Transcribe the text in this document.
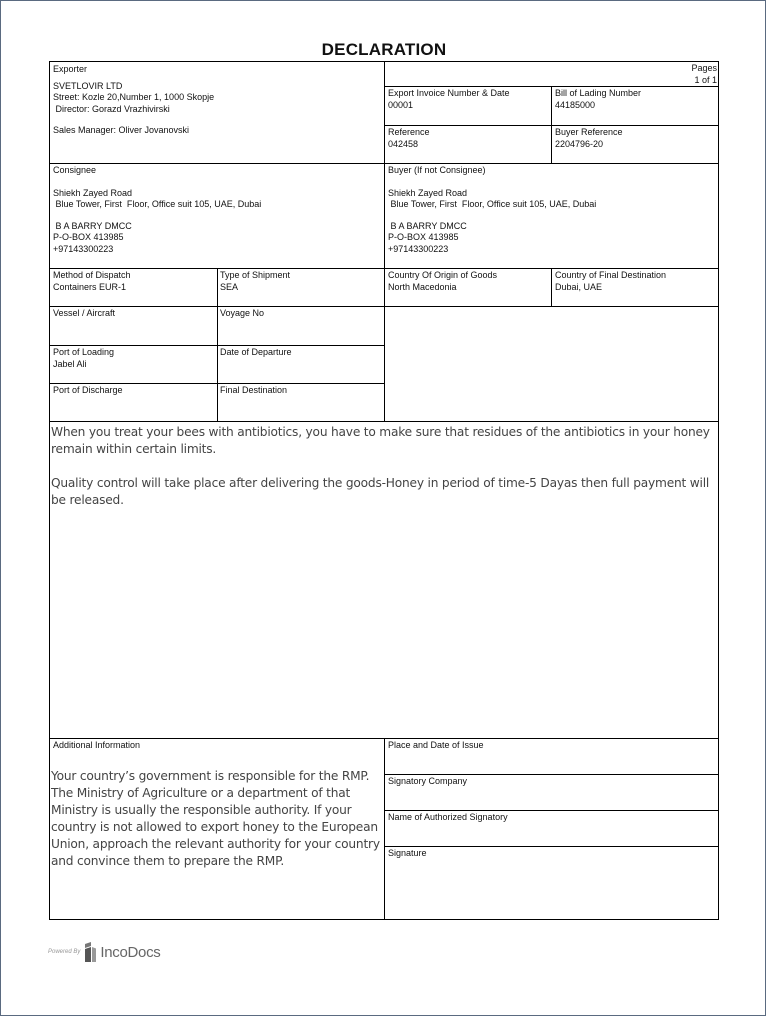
DECLARATION
Exporter
SVETLOVIR LTD
Street: Kozle 20,Number 1, 1000 Skopje
Director: Gorazd Vrazhivirski
Sales Manager: Oliver Jovanovski
Pages
1 of 1
Export Invoice Number & Date
00001
Bill of Lading Number
44185000
Reference
042458
Buyer Reference
2204796-20
Consignee
Shiekh Zayed Road
Blue Tower, First  Floor, Office suit 105, UAE, Dubai
B A BARRY DMCC
P-O-BOX 413985
+97143300223
Buyer (If not Consignee)
Shiekh Zayed Road
Blue Tower, First  Floor, Office suit 105, UAE, Dubai
B A BARRY DMCC
P-O-BOX 413985
+97143300223
Method of Dispatch
Containers EUR-1
Type of Shipment
SEA
Country Of Origin of Goods
North Macedonia
Country of Final Destination
Dubai, UAE
Vessel / Aircraft	Voyage No
Port of Loading
Jabel Ali
Date of Departure
Port of Discharge	Final Destination
When you treat your bees with antibiotics, you have to make sure that residues of the antibiotics in your honey remain within certain limits.
Quality control will take place after delivering the goods-Honey in period of time-5 Dayas then full payment will be released.
Additional Information
Your country’s government is responsible for the RMP. The Ministry of Agriculture or a department of that Ministry is usually the responsible authority. If your country is not allowed to export honey to the European Union, approach the relevant authority for your country and convince them to prepare the RMP.
Place and Date of Issue
Signatory Company
Name of Authorized Signatory
Signature
Powered By IncoDocs
